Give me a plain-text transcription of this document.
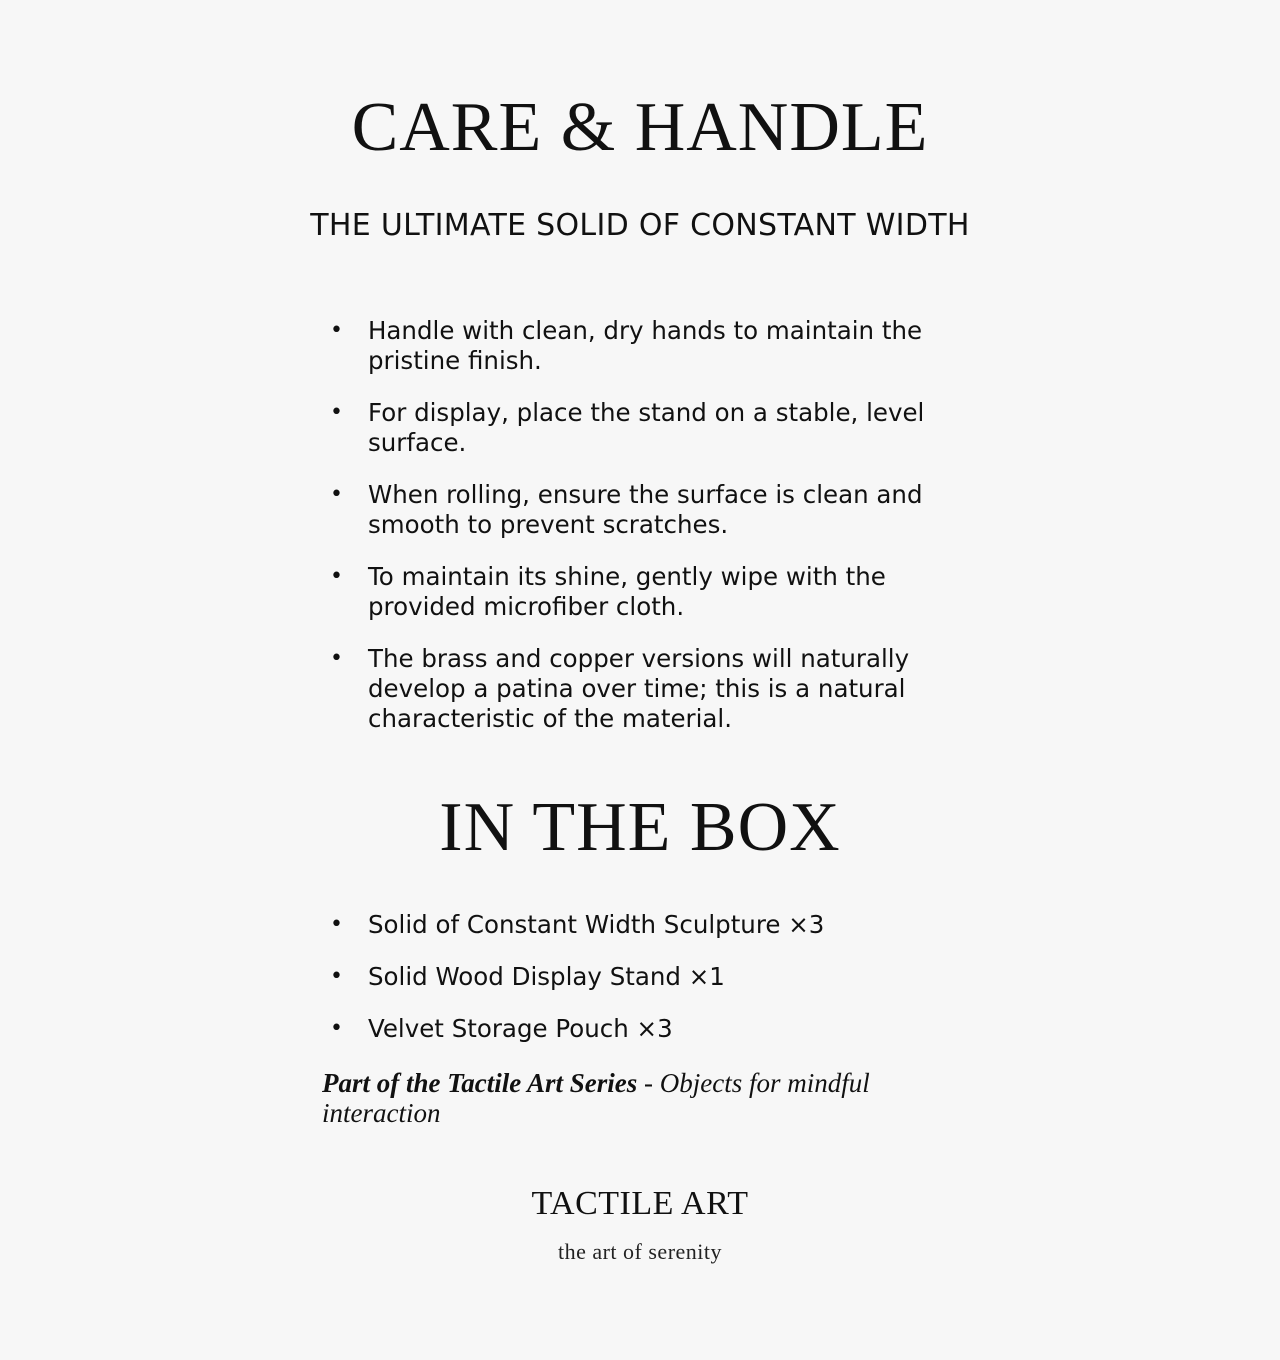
CARE & HANDLE
THE ULTIMATE SOLID OF CONSTANT WIDTH
• Handle with clean, dry hands to maintain the pristine finish.
• For display, place the stand on a stable, level surface.
• When rolling, ensure the surface is clean and smooth to prevent scratches.
• To maintain its shine, gently wipe with the provided microfiber cloth.
• The brass and copper versions will naturally develop a patina over time; this is a natural characteristic of the material.
IN THE BOX
• Solid of Constant Width Sculpture ×3
• Solid Wood Display Stand ×1
• Velvet Storage Pouch ×3

Part of the Tactile Art Series - Objects for mindful interaction

TACTILE ART
the art of serenity
